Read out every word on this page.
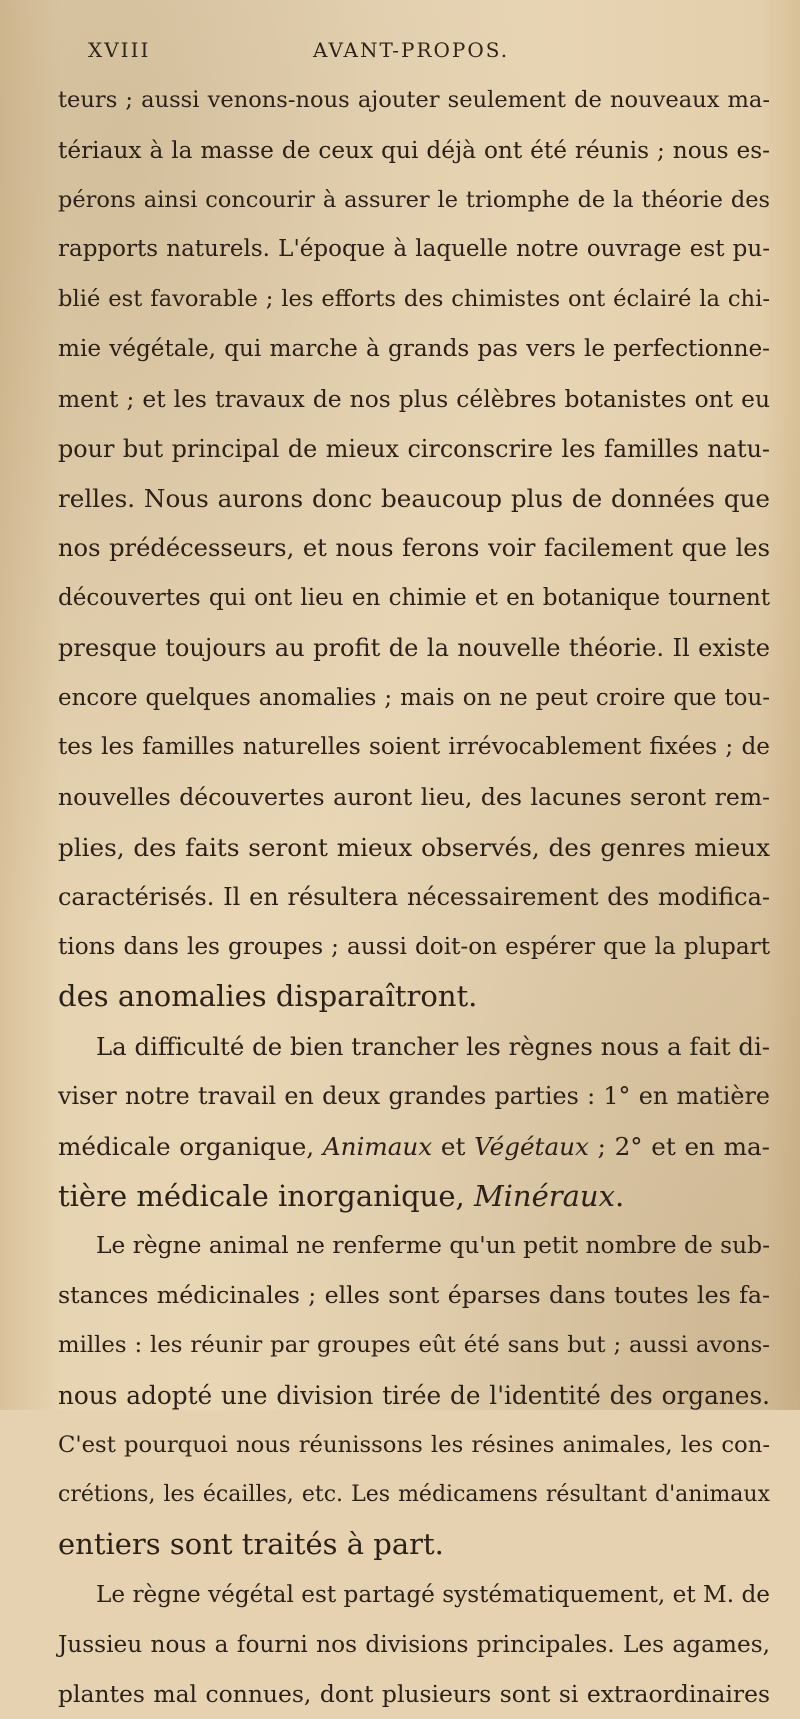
XVIII	AVANT-PROPOS.
teurs ; aussi venons-nous ajouter seulement de nouveaux ma-
tériaux à la masse de ceux qui déjà ont été réunis ; nous es-
pérons ainsi concourir à assurer le triomphe de la théorie des
rapports naturels. L'époque à laquelle notre ouvrage est pu-
blié est favorable ; les efforts des chimistes ont éclairé la chi-
mie végétale, qui marche à grands pas vers le perfectionne-
ment ; et les travaux de nos plus célèbres botanistes ont eu
pour but principal de mieux circonscrire les familles natu-
relles. Nous aurons donc beaucoup plus de données que
nos prédécesseurs, et nous ferons voir facilement que les
découvertes qui ont lieu en chimie et en botanique tournent
presque toujours au profit de la nouvelle théorie. Il existe
encore quelques anomalies ; mais on ne peut croire que tou-
tes les familles naturelles soient irrévocablement fixées ; de
nouvelles découvertes auront lieu, des lacunes seront rem-
plies, des faits seront mieux observés, des genres mieux
caractérisés. Il en résultera nécessairement des modifica-
tions dans les groupes ; aussi doit-on espérer que la plupart
des anomalies disparaîtront.
La difficulté de bien trancher les règnes nous a fait di-
viser notre travail en deux grandes parties : 1° en matière
médicale organique, Animaux et Végétaux ; 2° et en ma-
tière médicale inorganique, Minéraux.
Le règne animal ne renferme qu'un petit nombre de sub-
stances médicinales ; elles sont éparses dans toutes les fa-
milles : les réunir par groupes eût été sans but ; aussi avons-
nous adopté une division tirée de l'identité des organes.
C'est pourquoi nous réunissons les résines animales, les con-
crétions, les écailles, etc. Les médicamens résultant d'animaux
entiers sont traités à part.
Le règne végétal est partagé systématiquement, et M. de
Jussieu nous a fourni nos divisions principales. Les agames,
plantes mal connues, dont plusieurs sont si extraordinaires
